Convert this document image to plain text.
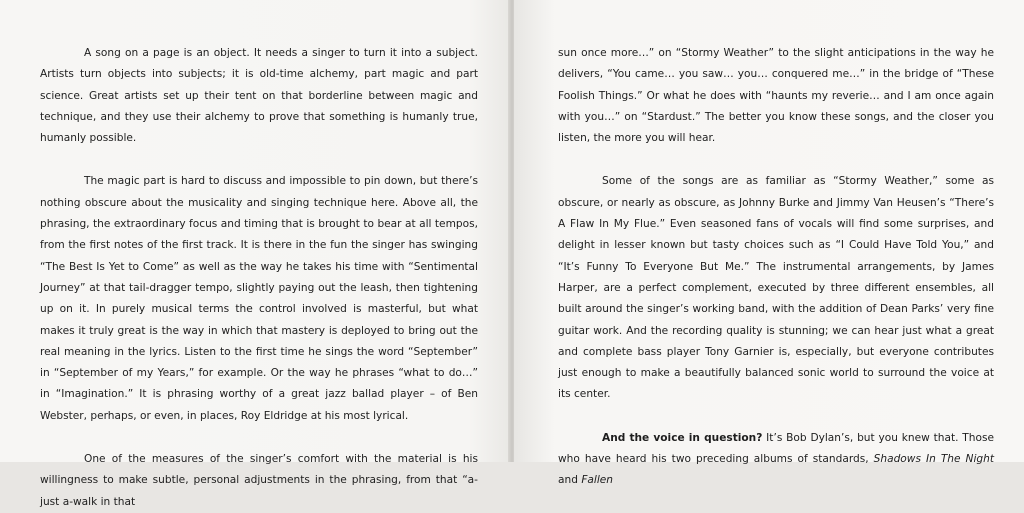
A song on a page is an object. It needs a singer to turn it into a subject. Artists turn objects into subjects; it is old-time alchemy, part magic and part science. Great artists set up their tent on that borderline between magic and technique, and they use their alchemy to prove that something is humanly true, humanly possible.

The magic part is hard to discuss and impossible to pin down, but there’s nothing obscure about the musicality and singing technique here. Above all, the phrasing, the extraordinary focus and timing that is brought to bear at all tempos, from the first notes of the first track. It is there in the fun the singer has swinging “The Best Is Yet to Come” as well as the way he takes his time with “Sentimental Journey” at that tail-dragger tempo, slightly paying out the leash, then tightening up on it. In purely musical terms the control involved is masterful, but what makes it truly great is the way in which that mastery is deployed to bring out the real meaning in the lyrics. Listen to the first time he sings the word “September” in “September of my Years,” for example. Or the way he phrases “what to do…” in “Imagination.” It is phrasing worthy of a great jazz ballad player – of Ben Webster, perhaps, or even, in places, Roy Eldridge at his most lyrical.

One of the measures of the singer’s comfort with the material is his willingness to make subtle, personal adjustments in the phrasing, from that “a-just a-walk in that

sun once more…” on “Stormy Weather” to the slight anticipations in the way he delivers, “You came… you saw… you… conquered me…” in the bridge of “These Foolish Things.” Or what he does with “haunts my reverie… and I am once again with you…” on “Stardust.” The better you know these songs, and the closer you listen, the more you will hear.

Some of the songs are as familiar as “Stormy Weather,” some as obscure, or nearly as obscure, as Johnny Burke and Jimmy Van Heusen’s “There’s A Flaw In My Flue.” Even seasoned fans of vocals will find some surprises, and delight in lesser known but tasty choices such as “I Could Have Told You,” and “It’s Funny To Everyone But Me.” The instrumental arrangements, by James Harper, are a perfect complement, executed by three different ensembles, all built around the singer’s working band, with the addition of Dean Parks’ very fine guitar work. And the recording quality is stunning; we can hear just what a great and complete bass player Tony Garnier is, especially, but everyone contributes just enough to make a beautifully balanced sonic world to surround the voice at its center.

And the voice in question? It’s Bob Dylan’s, but you knew that. Those who have heard his two preceding albums of standards, Shadows In The Night and Fallen
